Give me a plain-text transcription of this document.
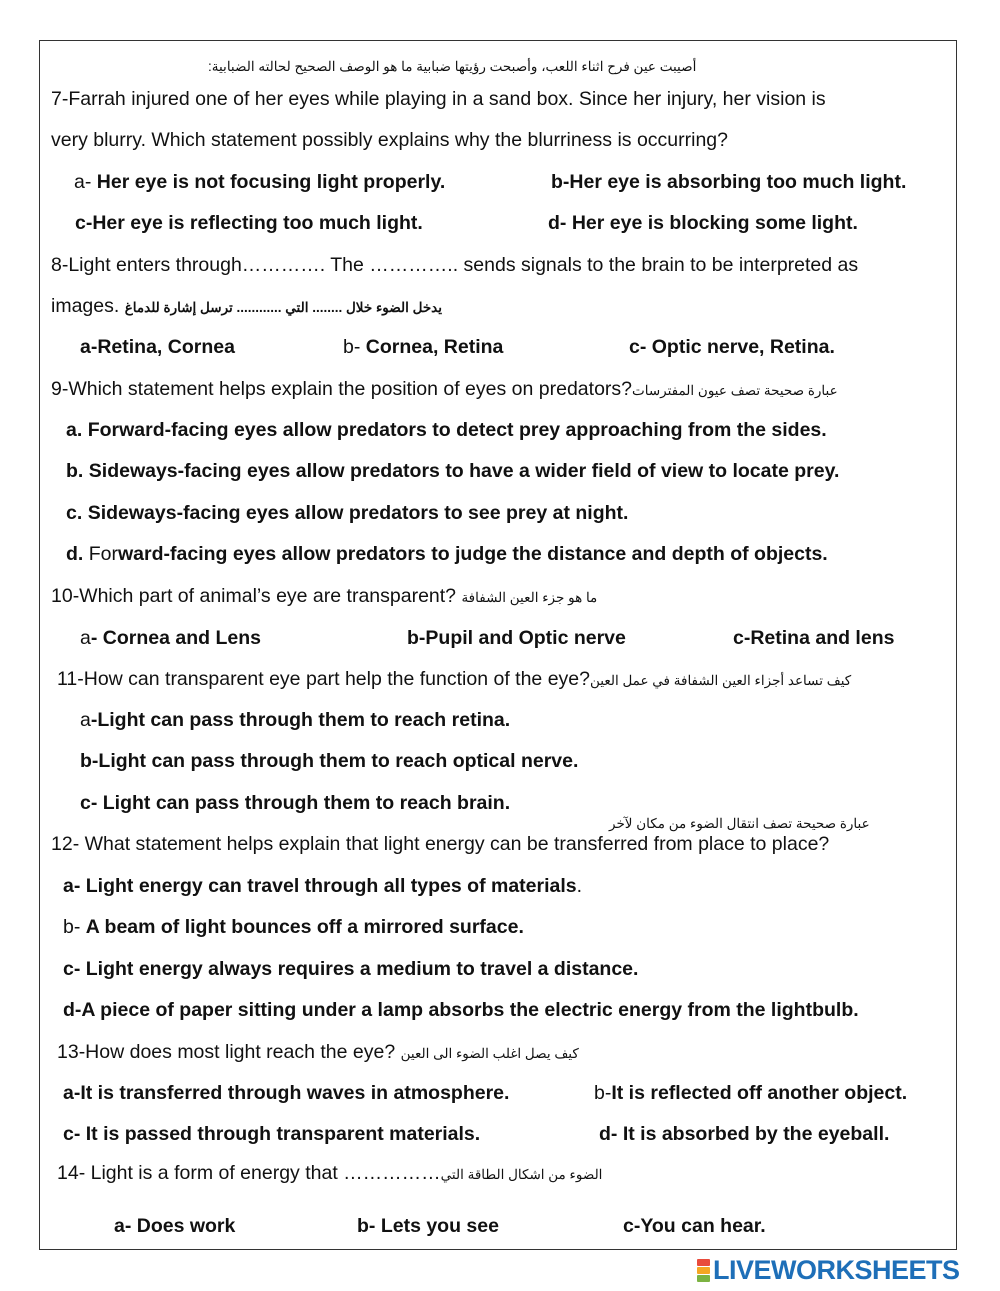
أصيبت عين فرح اثناء اللعب، وأصبحت رؤيتها ضبابية ما هو الوصف الصحيح لحالته الضبابية:
7-Farrah injured one of her eyes while playing in a sand box. Since her injury, her vision is
very blurry. Which statement possibly explains why the blurriness is occurring?
a- Her eye is not focusing light properly.	b-Her eye is absorbing too much light.
c-Her eye is reflecting too much light.	d- Her eye is blocking some light.
8-Light enters through…………. The ………….. sends signals to the brain to be interpreted as
images. يدخل الضوء خلال ........ التي ............ ترسل إشارة للدماغ
a-Retina, Cornea	b- Cornea, Retina	c- Optic nerve, Retina.
9-Which statement helps explain the position of eyes on predators?عبارة صحيحة تصف عيون المفترسات
a. Forward-facing eyes allow predators to detect prey approaching from the sides.
b. Sideways-facing eyes allow predators to have a wider field of view to locate prey.
c. Sideways-facing eyes allow predators to see prey at night.
d. Forward-facing eyes allow predators to judge the distance and depth of objects.
10-Which part of animal’s eye are transparent? ما هو جزء العين الشفافة
a- Cornea and Lens	b-Pupil and Optic nerve	c-Retina and lens
11-How can transparent eye part help the function of the eye?كيف تساعد أجزاء العين الشفافة في عمل العين
a-Light can pass through them to reach retina.
b-Light can pass through them to reach optical nerve.
c- Light can pass through them to reach brain.
عبارة صحيحة تصف انتقال الضوء من مكان لآخر
12- What statement helps explain that light energy can be transferred from place to place?
a- Light energy can travel through all types of materials.
b- A beam of light bounces off a mirrored surface.
c- Light energy always requires a medium to travel a distance.
d-A piece of paper sitting under a lamp absorbs the electric energy from the lightbulb.
13-How does most light reach the eye? كيف يصل اغلب الضوء الى العين
a-It is transferred through waves in atmosphere.	b-It is reflected off another object.
c- It is passed through transparent materials.	d- It is absorbed by the eyeball.
14- Light is a form of energy that ……………الضوء من اشكال الطاقة التي
a- Does work	b- Lets you see	c-You can hear.
LIVEWORKSHEETS
